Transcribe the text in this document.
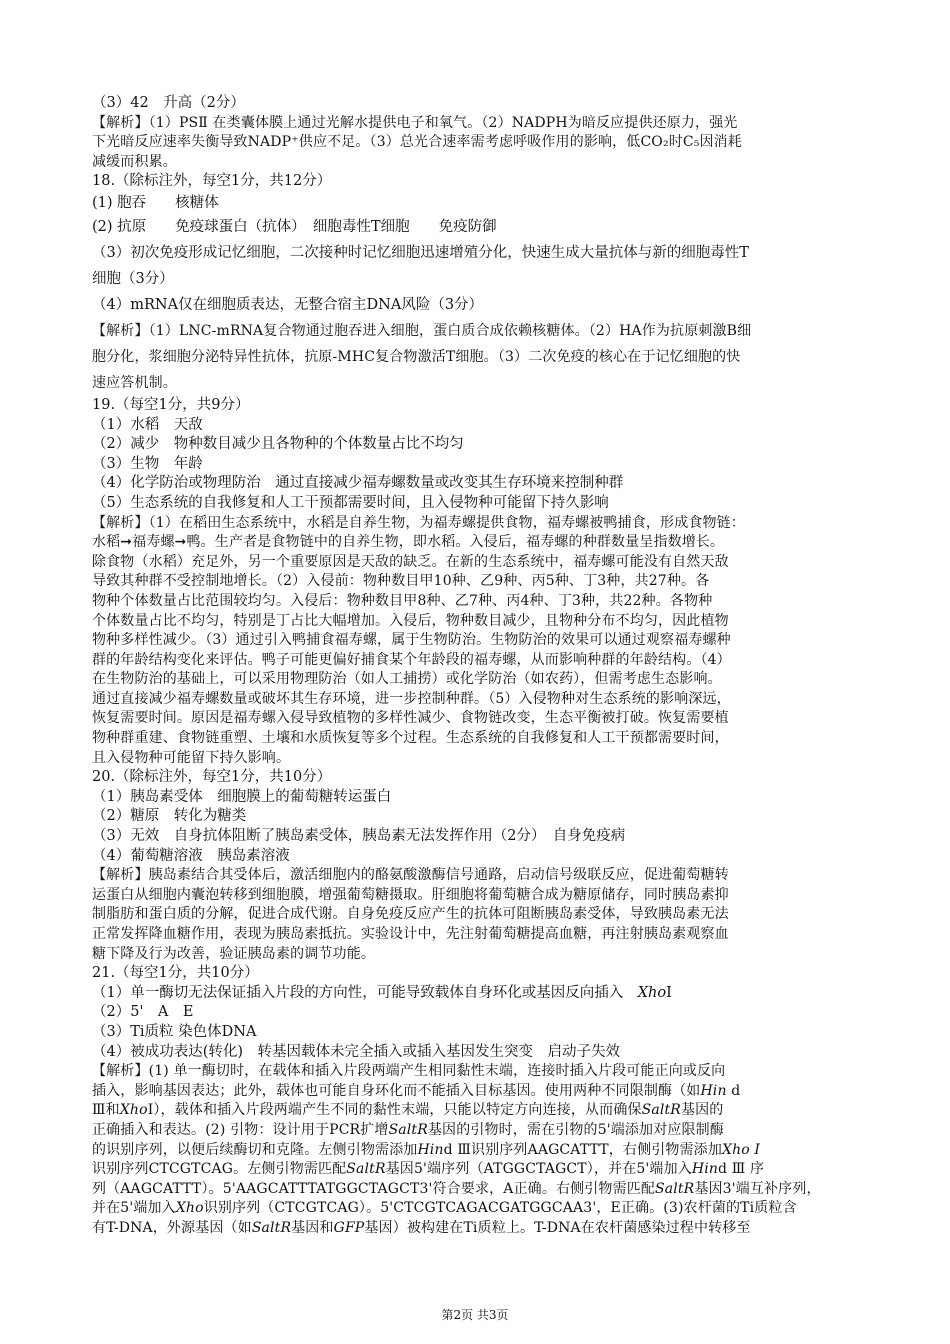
（3）42　升高（2分）
【解析】（1）PSⅡ 在类囊体膜上通过光解水提供电子和氧气。（2）NADPH为暗反应提供还原力，强光
下光暗反应速率失衡导致NADP⁺供应不足。（3）总光合速率需考虑呼吸作用的影响，低CO₂时C₅因消耗
减缓而积累。
18.（除标注外，每空1分，共12分）
(1) 胞吞　　核糖体
(2) 抗原　　免疫球蛋白（抗体）　细胞毒性T细胞　　免疫防御
（3）初次免疫形成记忆细胞，二次接种时记忆细胞迅速增殖分化，快速生成大量抗体与新的细胞毒性T
细胞（3分）
（4）mRNA仅在细胞质表达，无整合宿主DNA风险（3分）
【解析】（1）LNC-mRNA复合物通过胞吞进入细胞，蛋白质合成依赖核糖体。（2）HA作为抗原刺激B细
胞分化，浆细胞分泌特异性抗体，抗原-MHC复合物激活T细胞。（3）二次免疫的核心在于记忆细胞的快
速应答机制。
19.（每空1分，共9分）
（1）水稻　天敌
（2）减少　物种数目减少且各物种的个体数量占比不均匀
（3）生物　年龄
（4）化学防治或物理防治　通过直接减少福寿螺数量或改变其生存环境来控制种群
（5）生态系统的自我修复和人工干预都需要时间，且入侵物种可能留下持久影响
【解析】（1）在稻田生态系统中，水稻是自养生物，为福寿螺提供食物，福寿螺被鸭捕食，形成食物链：
水稻➞福寿螺➞鸭。生产者是食物链中的自养生物，即水稻。入侵后，福寿螺的种群数量呈指数增长。
除食物（水稻）充足外，另一个重要原因是天敌的缺乏。在新的生态系统中，福寿螺可能没有自然天敌
导致其种群不受控制地增长。（2）入侵前：物种数目甲10种、乙9种、丙5种、丁3种，共27种。各
物种个体数量占比范围较均匀。入侵后：物种数目甲8种、乙7种、丙4种、丁3种，共22种。各物种
个体数量占比不均匀，特别是丁占比大幅增加。入侵后，物种数目减少，且物种分布不均匀，因此植物
物种多样性减少。（3）通过引入鸭捕食福寿螺，属于生物防治。生物防治的效果可以通过观察福寿螺种
群的年龄结构变化来评估。鸭子可能更偏好捕食某个年龄段的福寿螺，从而影响种群的年龄结构。（4）
在生物防治的基础上，可以采用物理防治（如人工捕捞）或化学防治（如农药），但需考虑生态影响。
通过直接减少福寿螺数量或破坏其生存环境，进一步控制种群。（5）入侵物种对生态系统的影响深远，
恢复需要时间。原因是福寿螺入侵导致植物的多样性减少、食物链改变，生态平衡被打破。恢复需要植
物种群重建、食物链重塑、土壤和水质恢复等多个过程。生态系统的自我修复和人工干预都需要时间，
且入侵物种可能留下持久影响。
20.（除标注外，每空1分，共10分）
（1）胰岛素受体　细胞膜上的葡萄糖转运蛋白
（2）糖原　转化为糖类
（3）无效　自身抗体阻断了胰岛素受体，胰岛素无法发挥作用（2分）　自身免疫病
（4）葡萄糖溶液　胰岛素溶液
【解析】胰岛素结合其受体后，激活细胞内的酪氨酸激酶信号通路，启动信号级联反应，促进葡萄糖转
运蛋白从细胞内囊泡转移到细胞膜，增强葡萄糖摄取。肝细胞将葡萄糖合成为糖原储存，同时胰岛素抑
制脂肪和蛋白质的分解，促进合成代谢。自身免疫反应产生的抗体可阻断胰岛素受体，导致胰岛素无法
正常发挥降血糖作用，表现为胰岛素抵抗。实验设计中，先注射葡萄糖提高血糖，再注射胰岛素观察血
糖下降及行为改善，验证胰岛素的调节功能。
21.（每空1分，共10分）
（1）单一酶切无法保证插入片段的方向性，可能导致载体自身环化或基因反向插入　XhoⅠ
（2）5'　A　E
（3）Ti质粒 染色体DNA
（4）被成功表达(转化)　转基因载体未完全插入或插入基因发生突变　启动子失效
【解析】(1) 单一酶切时，在载体和插入片段两端产生相同黏性末端，连接时插入片段可能正向或反向
插入，影响基因表达；此外，载体也可能自身环化而不能插入目标基因。使用两种不同限制酶（如Hin d
Ⅲ和XhoⅠ），载体和插入片段两端产生不同的黏性末端，只能以特定方向连接，从而确保SaltR基因的
正确插入和表达。(2) 引物：设计用于PCR扩增SaltR基因的引物时，需在引物的5'端添加对应限制酶
的识别序列，以便后续酶切和克隆。左侧引物需添加Hind Ⅲ识别序列AAGCATTT，右侧引物需添加Xho Ⅰ
识别序列CTCGTCAG。左侧引物需匹配SaltR基因5'端序列（ATGGCTAGCT），并在5'端加入Hind Ⅲ 序
列（AAGCATTT）。5'AAGCATTTATGGCTAGCT3'符合要求，A正确。右侧引物需匹配SaltR基因3'端互补序列，
并在5'端加入Xho识别序列（CTCGTCAG）。5'CTCGTCAGACGATGGCAA3'，E正确。(3)农杆菌的Ti质粒含
有T-DNA，外源基因（如SaltR基因和GFP基因）被构建在Ti质粒上。T-DNA在农杆菌感染过程中转移至
第2页 共3页
